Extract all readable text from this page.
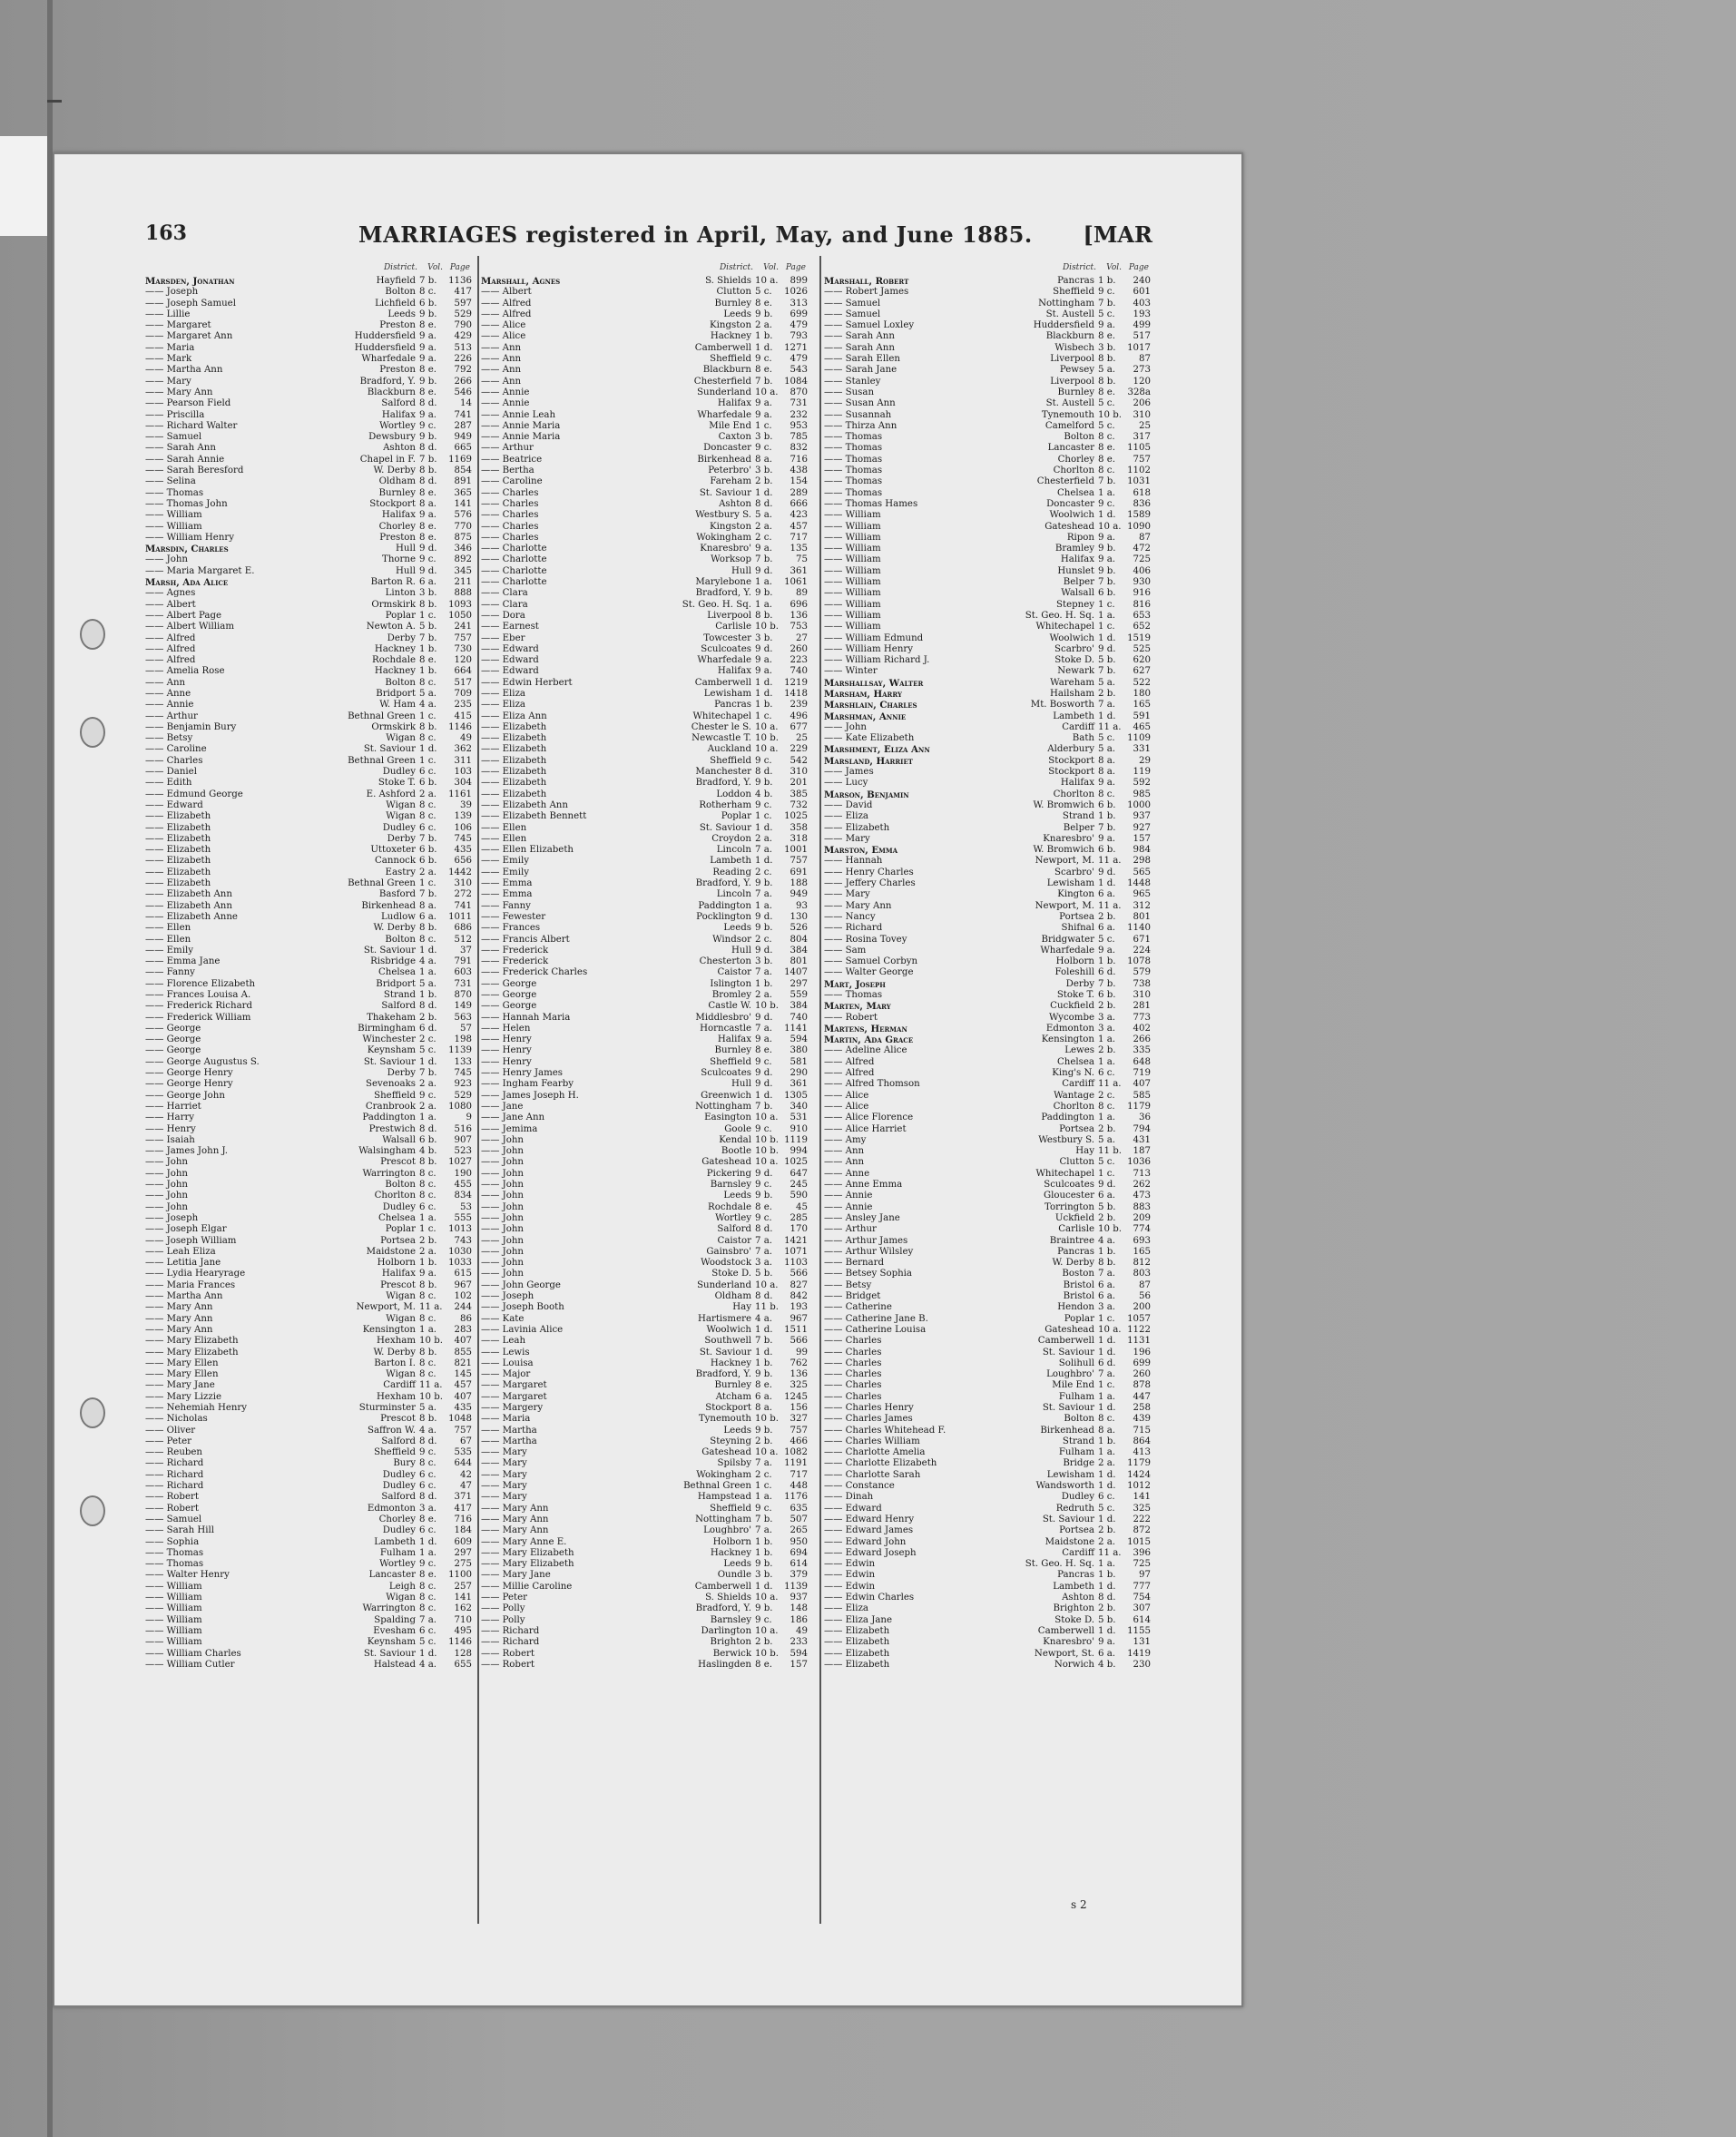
163	MARRIAGES registered in April, May, and June 1885. [MAR
District. Vol. Page
Marsden, Jonathan	Hayfield 7 b.	1136
—— Joseph	Bolton 8 c.	417
—— Joseph Samuel	Lichfield 6 b.	597
—— Lillie	Leeds 9 b.	529
—— Margaret	Preston 8 e.	790
—— Margaret Ann	Huddersfield 9 a.	429
—— Maria	Huddersfield 9 a.	513
—— Mark	Wharfedale 9 a.	226
—— Martha Ann	Preston 8 e.	792
—— Mary	Bradford, Y. 9 b.	266
—— Mary Ann	Blackburn 8 e.	546
—— Pearson Field	Salford 8 d.	14
—— Priscilla	Halifax 9 a.	741
—— Richard Walter	Wortley 9 c.	287
—— Samuel	Dewsbury 9 b.	949
—— Sarah Ann	Ashton 8 d.	665
—— Sarah Annie	Chapel in F. 7 b.	1169
—— Sarah Beresford	W. Derby 8 b.	854
—— Selina	Oldham 8 d.	891
—— Thomas	Burnley 8 e.	365
—— Thomas John	Stockport 8 a.	141
—— William	Halifax 9 a.	576
—— William	Chorley 8 e.	770
—— William Henry	Preston 8 e.	875
Marsdin, Charles	Hull 9 d.	346
—— John	Thorne 9 c.	892
—— Maria Margaret E.	Hull 9 d.	345
Marsh, Ada Alice	Barton R. 6 a.	211
—— Agnes	Linton 3 b.	888
—— Albert	Ormskirk 8 b.	1093
—— Albert Page	Poplar 1 c.	1050
—— Albert William	Newton A. 5 b.	241
—— Alfred	Derby 7 b.	757
—— Alfred	Hackney 1 b.	730
—— Alfred	Rochdale 8 e.	120
—— Amelia Rose	Hackney 1 b.	664
—— Ann	Bolton 8 c.	517
—— Anne	Bridport 5 a.	709
—— Annie	W. Ham 4 a.	235
—— Arthur	Bethnal Green 1 c.	415
—— Benjamin Bury	Ormskirk 8 b.	1146
—— Betsy	Wigan 8 c.	49
—— Caroline	St. Saviour 1 d.	362
—— Charles	Bethnal Green 1 c.	311
—— Daniel	Dudley 6 c.	103
—— Edith	Stoke T. 6 b.	304
—— Edmund George	E. Ashford 2 a.	1161
—— Edward	Wigan 8 c.	39
—— Elizabeth	Wigan 8 c.	139
—— Elizabeth	Dudley 6 c.	106
—— Elizabeth	Derby 7 b.	745
—— Elizabeth	Uttoxeter 6 b.	435
—— Elizabeth	Cannock 6 b.	656
—— Elizabeth	Eastry 2 a.	1442
—— Elizabeth	Bethnal Green 1 c.	310
—— Elizabeth Ann	Basford 7 b.	272
—— Elizabeth Ann	Birkenhead 8 a.	741
—— Elizabeth Anne	Ludlow 6 a.	1011
—— Ellen	W. Derby 8 b.	686
—— Ellen	Bolton 8 c.	512
—— Emily	St. Saviour 1 d.	37
—— Emma Jane	Risbridge 4 a.	791
—— Fanny	Chelsea 1 a.	603
—— Florence Elizabeth	Bridport 5 a.	731
—— Frances Louisa A.	Strand 1 b.	870
—— Frederick Richard	Salford 8 d.	149
—— Frederick William	Thakeham 2 b.	563
—— George	Birmingham 6 d.	57
—— George	Winchester 2 c.	198
—— George	Keynsham 5 c.	1139
—— George Augustus S.	St. Saviour 1 d.	133
—— George Henry	Derby 7 b.	745
—— George Henry	Sevenoaks 2 a.	923
—— George John	Sheffield 9 c.	529
—— Harriet	Cranbrook 2 a.	1080
—— Harry	Paddington 1 a.	9
—— Henry	Prestwich 8 d.	516
—— Isaiah	Walsall 6 b.	907
—— James John J.	Walsingham 4 b.	523
—— John	Prescot 8 b.	1027
—— John	Warrington 8 c.	190
—— John	Bolton 8 c.	455
—— John	Chorlton 8 c.	834
—— John	Dudley 6 c.	53
—— Joseph	Chelsea 1 a.	555
—— Joseph Elgar	Poplar 1 c.	1013
—— Joseph William	Portsea 2 b.	743
—— Leah Eliza	Maidstone 2 a.	1030
—— Letitia Jane	Holborn 1 b.	1033
—— Lydia Hearyrage	Halifax 9 a.	615
—— Maria Frances	Prescot 8 b.	967
—— Martha Ann	Wigan 8 c.	102
—— Mary Ann	Newport, M. 11 a.	244
—— Mary Ann	Wigan 8 c.	86
—— Mary Ann	Kensington 1 a.	283
—— Mary Elizabeth	Hexham 10 b.	407
—— Mary Elizabeth	W. Derby 8 b.	855
—— Mary Ellen	Barton I. 8 c.	821
—— Mary Ellen	Wigan 8 c.	145
—— Mary Jane	Cardiff 11 a.	457
—— Mary Lizzie	Hexham 10 b.	407
—— Nehemiah Henry	Sturminster 5 a.	435
—— Nicholas	Prescot 8 b.	1048
—— Oliver	Saffron W. 4 a.	757
—— Peter	Salford 8 d.	67
—— Reuben	Sheffield 9 c.	535
—— Richard	Bury 8 c.	644
—— Richard	Dudley 6 c.	42
—— Richard	Dudley 6 c.	47
—— Robert	Salford 8 d.	371
—— Robert	Edmonton 3 a.	417
—— Samuel	Chorley 8 e.	716
—— Sarah Hill	Dudley 6 c.	184
—— Sophia	Lambeth 1 d.	609
—— Thomas	Fulham 1 a.	297
—— Thomas	Wortley 9 c.	275
—— Walter Henry	Lancaster 8 e.	1100
—— William	Leigh 8 c.	257
—— William	Wigan 8 c.	141
—— William	Warrington 8 c.	162
—— William	Spalding 7 a.	710
—— William	Evesham 6 c.	495
—— William	Keynsham 5 c.	1146
—— William Charles	St. Saviour 1 d.	128
—— William Cutler	Halstead 4 a.	655
District. Vol. Page
Marshall, Agnes	S. Shields 10 a.	899
—— Albert	Clutton 5 c.	1026
—— Alfred	Burnley 8 e.	313
—— Alfred	Leeds 9 b.	699
—— Alice	Kingston 2 a.	479
—— Alice	Hackney 1 b.	793
—— Ann	Camberwell 1 d.	1271
—— Ann	Sheffield 9 c.	479
—— Ann	Blackburn 8 e.	543
—— Ann	Chesterfield 7 b.	1084
—— Annie	Sunderland 10 a.	870
—— Annie	Halifax 9 a.	731
—— Annie Leah	Wharfedale 9 a.	232
—— Annie Maria	Mile End 1 c.	953
—— Annie Maria	Caxton 3 b.	785
—— Arthur	Doncaster 9 c.	832
—— Beatrice	Birkenhead 8 a.	716
—— Bertha	Peterbro' 3 b.	438
—— Caroline	Fareham 2 b.	154
—— Charles	St. Saviour 1 d.	289
—— Charles	Ashton 8 d.	666
—— Charles	Westbury S. 5 a.	423
—— Charles	Kingston 2 a.	457
—— Charles	Wokingham 2 c.	717
—— Charlotte	Knaresbro' 9 a.	135
—— Charlotte	Worksop 7 b.	75
—— Charlotte	Hull 9 d.	361
—— Charlotte	Marylebone 1 a.	1061
—— Clara	Bradford, Y. 9 b.	89
—— Clara	St. Geo. H. Sq. 1 a.	696
—— Dora	Liverpool 8 b.	136
—— Earnest	Carlisle 10 b.	753
—— Eber	Towcester 3 b.	27
—— Edward	Sculcoates 9 d.	260
—— Edward	Wharfedale 9 a.	223
—— Edward	Halifax 9 a.	740
—— Edwin Herbert	Camberwell 1 d.	1219
—— Eliza	Lewisham 1 d.	1418
—— Eliza	Pancras 1 b.	239
—— Eliza Ann	Whitechapel 1 c.	496
—— Elizabeth	Chester le S. 10 a.	677
—— Elizabeth	Newcastle T. 10 b.	25
—— Elizabeth	Auckland 10 a.	229
—— Elizabeth	Sheffield 9 c.	542
—— Elizabeth	Manchester 8 d.	310
—— Elizabeth	Bradford, Y. 9 b.	201
—— Elizabeth	Loddon 4 b.	385
—— Elizabeth Ann	Rotherham 9 c.	732
—— Elizabeth Bennett	Poplar 1 c.	1025
—— Ellen	St. Saviour 1 d.	358
—— Ellen	Croydon 2 a.	318
—— Ellen Elizabeth	Lincoln 7 a.	1001
—— Emily	Lambeth 1 d.	757
—— Emily	Reading 2 c.	691
—— Emma	Bradford, Y. 9 b.	188
—— Emma	Lincoln 7 a.	949
—— Fanny	Paddington 1 a.	93
—— Fewester	Pocklington 9 d.	130
—— Frances	Leeds 9 b.	526
—— Francis Albert	Windsor 2 c.	804
—— Frederick	Hull 9 d.	384
—— Frederick	Chesterton 3 b.	801
—— Frederick Charles	Caistor 7 a.	1407
—— George	Islington 1 b.	297
—— George	Bromley 2 a.	559
—— George	Castle W. 10 b.	384
—— Hannah Maria	Middlesbro' 9 d.	740
—— Helen	Horncastle 7 a.	1141
—— Henry	Halifax 9 a.	594
—— Henry	Burnley 8 e.	380
—— Henry	Sheffield 9 c.	581
—— Henry James	Sculcoates 9 d.	290
—— Ingham Fearby	Hull 9 d.	361
—— James Joseph H.	Greenwich 1 d.	1305
—— Jane	Nottingham 7 b.	340
—— Jane Ann	Easington 10 a.	531
—— Jemima	Goole 9 c.	910
—— John	Kendal 10 b. 1119
—— John	Bootle 10 b.	994
—— John	Gateshead 10 a. 1025
—— John	Pickering 9 d.	647
—— John	Barnsley 9 c.	245
—— John	Leeds 9 b.	590
—— John	Rochdale 8 e.	45
—— John	Wortley 9 c.	285
—— John	Salford 8 d.	170
—— John	Caistor 7 a.	1421
—— John	Gainsbro' 7 a.	1071
—— John	Woodstock 3 a.	1103
—— John	Stoke D. 5 b.	566
—— John George	Sunderland 10 a.	827
—— Joseph	Oldham 8 d.	842
—— Joseph Booth	Hay 11 b.	193
—— Kate	Hartismere 4 a.	967
—— Lavinia Alice	Woolwich 1 d.	1511
—— Leah	Southwell 7 b.	566
—— Lewis	St. Saviour 1 d.	99
—— Louisa	Hackney 1 b.	762
—— Major	Bradford, Y. 9 b.	136
—— Margaret	Burnley 8 e.	325
—— Margaret	Atcham 6 a.	1245
—— Margery	Stockport 8 a.	156
—— Maria	Tynemouth 10 b.	327
—— Martha	Leeds 9 b.	757
—— Martha	Steyning 2 b.	466
—— Mary	Gateshead 10 a. 1082
—— Mary	Spilsby 7 a.	1191
—— Mary	Wokingham 2 c.	717
—— Mary	Bethnal Green 1 c.	448
—— Mary	Hampstead 1 a.	1176
—— Mary Ann	Sheffield 9 c.	635
—— Mary Ann	Nottingham 7 b.	507
—— Mary Ann	Loughbro' 7 a.	265
—— Mary Anne E.	Holborn 1 b.	950
—— Mary Elizabeth	Hackney 1 b.	694
—— Mary Elizabeth	Leeds 9 b.	614
—— Mary Jane	Oundle 3 b.	379
—— Millie Caroline	Camberwell 1 d.	1139
—— Peter	S. Shields 10 a.	937
—— Polly	Bradford, Y. 9 b.	148
—— Polly	Barnsley 9 c.	186
—— Richard	Darlington 10 a.	49
—— Richard	Brighton 2 b.	233
—— Robert	Berwick 10 b.	594
—— Robert	Haslingden 8 e.	157
District. Vol. Page
Marshall, Robert	Pancras 1 b.	240
—— Robert James	Sheffield 9 c.	601
—— Samuel	Nottingham 7 b.	403
—— Samuel	St. Austell 5 c.	193
—— Samuel Loxley	Huddersfield 9 a.	499
—— Sarah Ann	Blackburn 8 e.	517
—— Sarah Ann	Wisbech 3 b.	1017
—— Sarah Ellen	Liverpool 8 b.	87
—— Sarah Jane	Pewsey 5 a.	273
—— Stanley	Liverpool 8 b.	120
—— Susan	Burnley 8 e.	328a
—— Susan Ann	St. Austell 5 c.	206
—— Susannah	Tynemouth 10 b.	310
—— Thirza Ann	Camelford 5 c.	25
—— Thomas	Bolton 8 c.	317
—— Thomas	Lancaster 8 e.	1105
—— Thomas	Chorley 8 e.	757
—— Thomas	Chorlton 8 c.	1102
—— Thomas	Chesterfield 7 b.	1031
—— Thomas	Chelsea 1 a.	618
—— Thomas Hames	Doncaster 9 c.	836
—— William	Woolwich 1 d.	1589
—— William	Gateshead 10 a. 1090
—— William	Ripon 9 a.	87
—— William	Bramley 9 b.	472
—— William	Halifax 9 a.	725
—— William	Hunslet 9 b.	406
—— William	Belper 7 b.	930
—— William	Walsall 6 b.	916
—— William	Stepney 1 c.	816
—— William	St. Geo. H. Sq. 1 a.	653
—— William	Whitechapel 1 c.	652
—— William Edmund	Woolwich 1 d.	1519
—— William Henry	Scarbro' 9 d.	525
—— William Richard J.	Stoke D. 5 b.	620
—— Winter	Newark 7 b.	627
Marshallsay, Walter	Wareham 5 a.	522
Marsham, Harry	Hailsham 2 b.	180
Marshlain, Charles	Mt. Bosworth 7 a.	165
Marshman, Annie	Lambeth 1 d.	591
—— John	Cardiff 11 a.	465
—— Kate Elizabeth	Bath 5 c.	1109
Marshment, Eliza Ann	Alderbury 5 a.	331
Marsland, Harriet	Stockport 8 a.	29
—— James	Stockport 8 a.	119
—— Lucy	Halifax 9 a.	592
Marson, Benjamin	Chorlton 8 c.	985
—— David	W. Bromwich 6 b.	1000
—— Eliza	Strand 1 b.	937
—— Elizabeth	Belper 7 b.	927
—— Mary	Knaresbro' 9 a.	157
Marston, Emma	W. Bromwich 6 b.	984
—— Hannah	Newport, M. 11 a.	298
—— Henry Charles	Scarbro' 9 d.	565
—— Jeffery Charles	Lewisham 1 d.	1448
—— Mary	Kington 6 a.	965
—— Mary Ann	Newport, M. 11 a.	312
—— Nancy	Portsea 2 b.	801
—— Richard	Shifnal 6 a.	1140
—— Rosina Tovey	Bridgwater 5 c.	671
—— Sam	Wharfedale 9 a.	224
—— Samuel Corbyn	Holborn 1 b.	1078
—— Walter George	Foleshill 6 d.	579
Mart, Joseph	Derby 7 b.	738
—— Thomas	Stoke T. 6 b.	310
Marten, Mary	Cuckfield 2 b.	281
—— Robert	Wycombe 3 a.	773
Martens, Herman	Edmonton 3 a.	402
Martin, Ada Grace	Kensington 1 a.	266
—— Adeline Alice	Lewes 2 b.	335
—— Alfred	Chelsea 1 a.	648
—— Alfred	King's N. 6 c.	719
—— Alfred Thomson	Cardiff 11 a.	407
—— Alice	Wantage 2 c.	585
—— Alice	Chorlton 8 c.	1179
—— Alice Florence	Paddington 1 a.	36
—— Alice Harriet	Portsea 2 b.	794
—— Amy	Westbury S. 5 a.	431
—— Ann	Hay 11 b.	187
—— Ann	Clutton 5 c.	1036
—— Anne	Whitechapel 1 c.	713
—— Anne Emma	Sculcoates 9 d.	262
—— Annie	Gloucester 6 a.	473
—— Annie	Torrington 5 b.	883
—— Ansley Jane	Uckfield 2 b.	209
—— Arthur	Carlisle 10 b.	774
—— Arthur James	Braintree 4 a.	693
—— Arthur Wilsley	Pancras 1 b.	165
—— Bernard	W. Derby 8 b.	812
—— Betsey Sophia	Boston 7 a.	803
—— Betsy	Bristol 6 a.	87
—— Bridget	Bristol 6 a.	56
—— Catherine	Hendon 3 a.	200
—— Catherine Jane B.	Poplar 1 c.	1057
—— Catherine Louisa	Gateshead 10 a. 1122
—— Charles	Camberwell 1 d.	1131
—— Charles	St. Saviour 1 d.	196
—— Charles	Solihull 6 d.	699
—— Charles	Loughbro' 7 a.	260
—— Charles	Mile End 1 c.	878
—— Charles	Fulham 1 a.	447
—— Charles Henry	St. Saviour 1 d.	258
—— Charles James	Bolton 8 c.	439
—— Charles Whitehead F.	Birkenhead 8 a.	715
—— Charles William	Strand 1 b.	864
—— Charlotte Amelia	Fulham 1 a.	413
—— Charlotte Elizabeth	Bridge 2 a.	1179
—— Charlotte Sarah	Lewisham 1 d.	1424
—— Constance	Wandsworth 1 d.	1012
—— Dinah	Dudley 6 c.	141
—— Edward	Redruth 5 c.	325
—— Edward Henry	St. Saviour 1 d.	222
—— Edward James	Portsea 2 b.	872
—— Edward John	Maidstone 2 a.	1015
—— Edward Joseph	Cardiff 11 a.	396
—— Edwin	St. Geo. H. Sq. 1 a.	725
—— Edwin	Pancras 1 b.	97
—— Edwin	Lambeth 1 d.	777
—— Edwin Charles	Ashton 8 d.	754
—— Eliza	Brighton 2 b.	307
—— Eliza Jane	Stoke D. 5 b.	614
—— Elizabeth	Camberwell 1 d.	1155
—— Elizabeth	Knaresbro' 9 a.	131
—— Elizabeth	Newport, St. 6 a.	1419
—— Elizabeth	Norwich 4 b.	230
s 2
